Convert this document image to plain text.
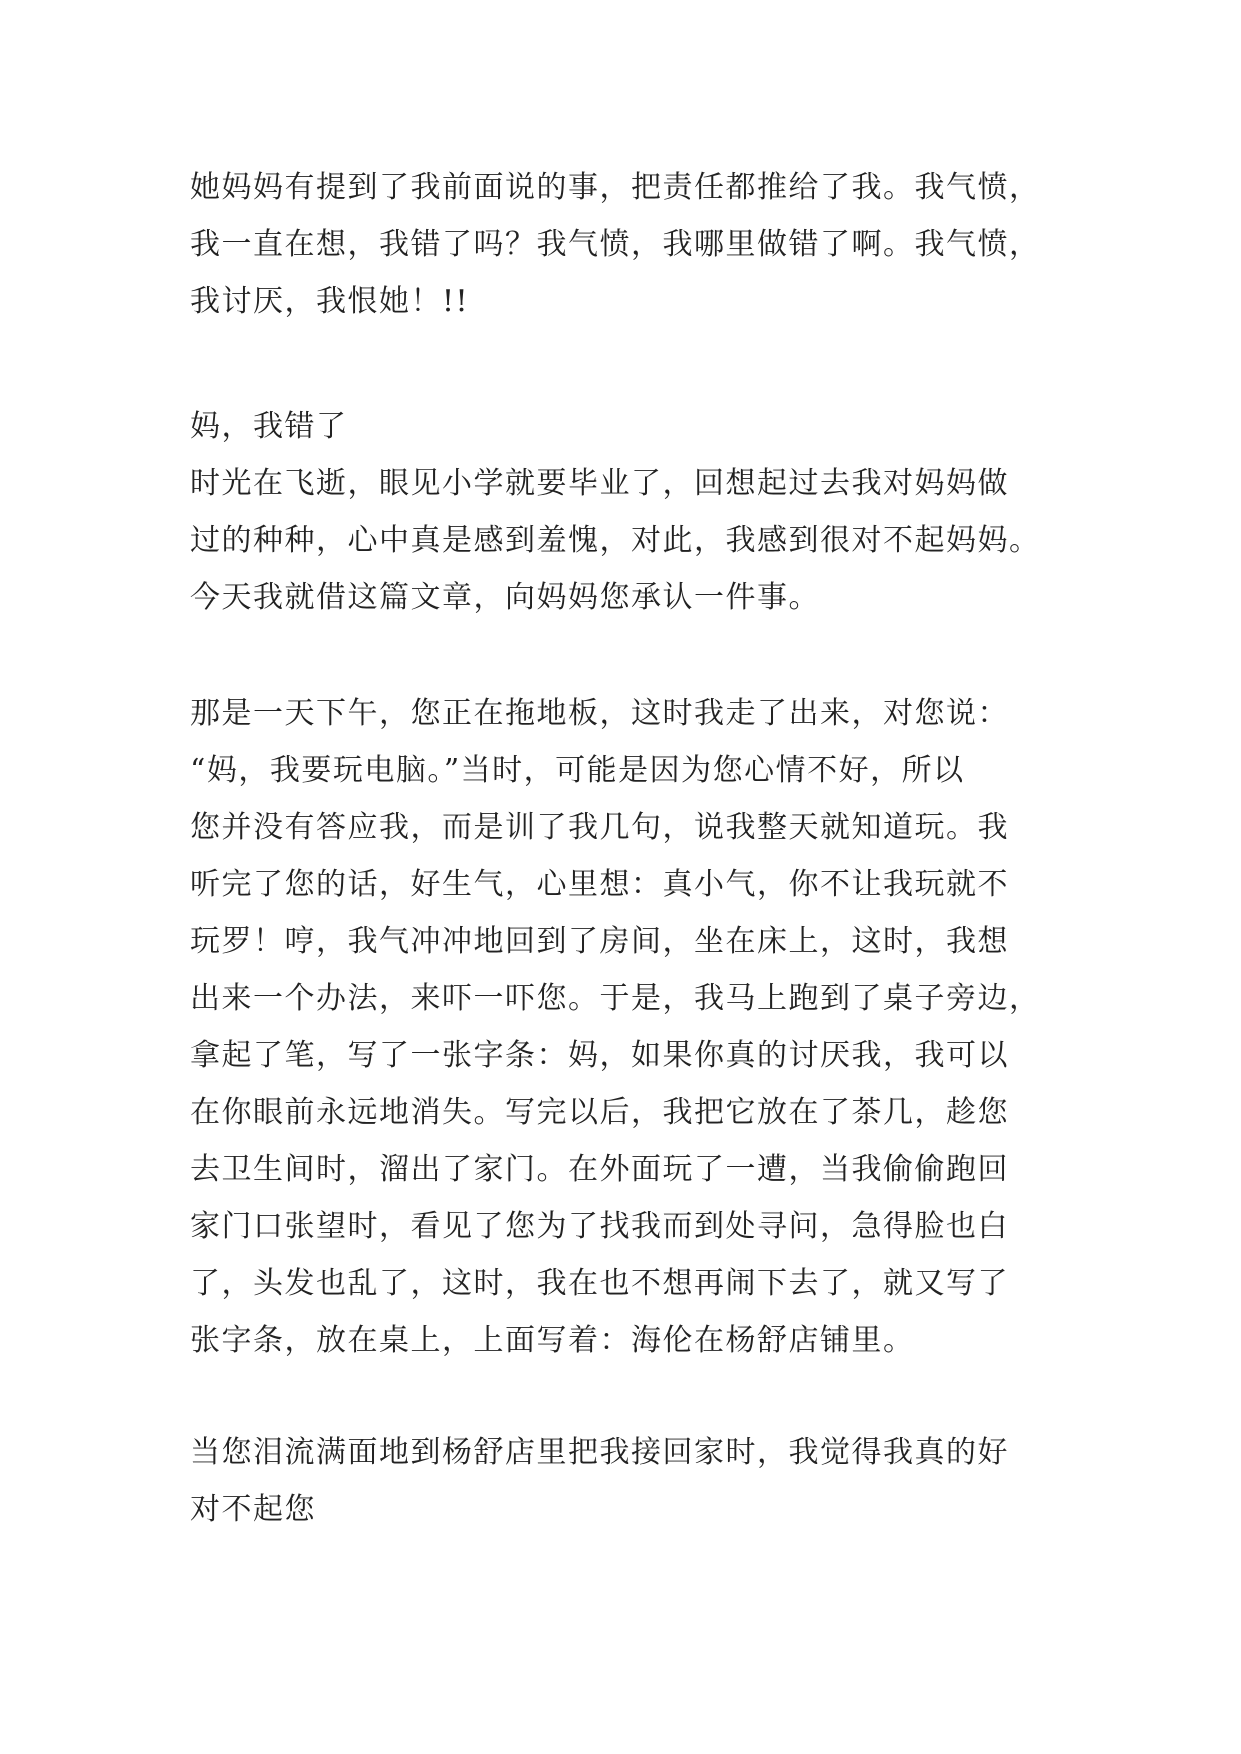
她妈妈有提到了我前面说的事，把责任都推给了我。我气愤，
我一直在想，我错了吗？我气愤，我哪里做错了啊。我气愤，
我讨厌，我恨她！!!
妈，我错了
时光在飞逝，眼见小学就要毕业了，回想起过去我对妈妈做
过的种种，心中真是感到羞愧，对此，我感到很对不起妈妈。
今天我就借这篇文章，向妈妈您承认一件事。
那是一天下午，您正在拖地板，这时我走了出来，对您说：
“妈，我要玩电脑。”当时，可能是因为您心情不好，所以
您并没有答应我，而是训了我几句，说我整天就知道玩。我
听完了您的话，好生气，心里想：真小气，你不让我玩就不
玩罗！哼，我气冲冲地回到了房间，坐在床上，这时，我想
出来一个办法，来吓一吓您。于是，我马上跑到了桌子旁边，
拿起了笔，写了一张字条：妈，如果你真的讨厌我，我可以
在你眼前永远地消失。写完以后，我把它放在了茶几，趁您
去卫生间时，溜出了家门。在外面玩了一遭，当我偷偷跑回
家门口张望时，看见了您为了找我而到处寻问，急得脸也白
了，头发也乱了，这时，我在也不想再闹下去了，就又写了
张字条，放在桌上，上面写着：海伦在杨舒店铺里。
当您泪流满面地到杨舒店里把我接回家时，我觉得我真的好
对不起您
